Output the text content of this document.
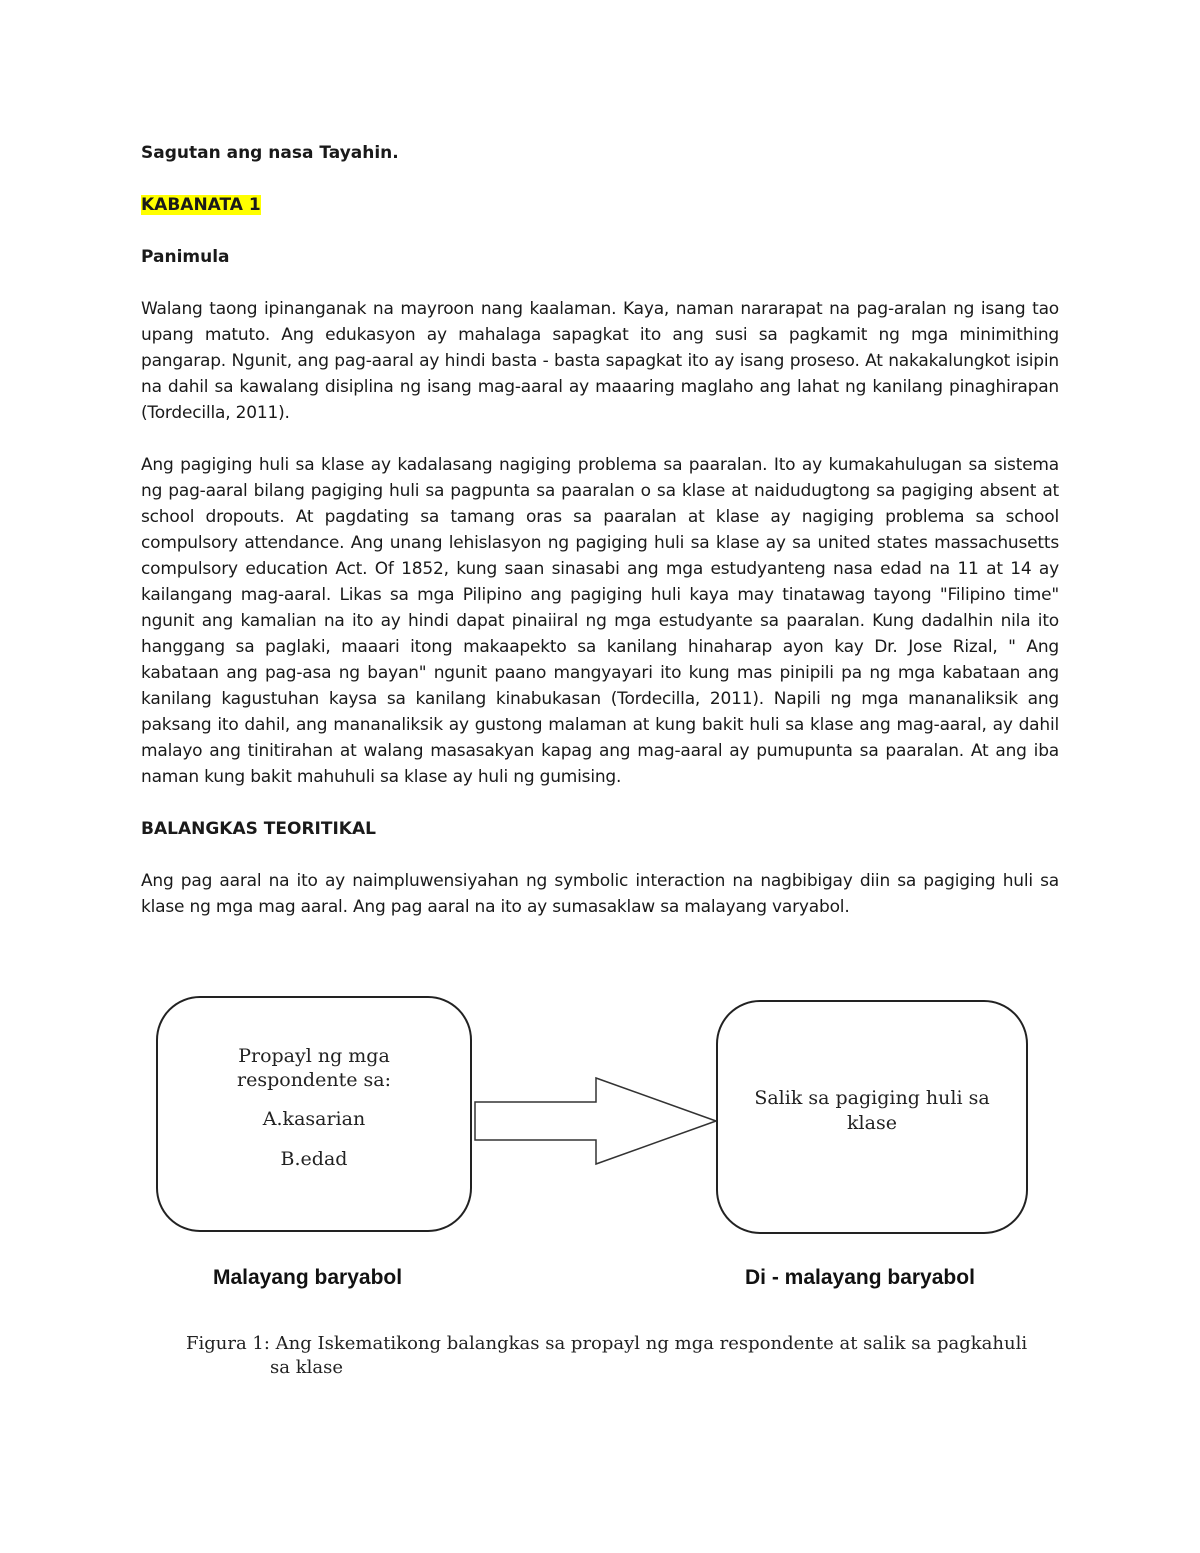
Sagutan ang nasa Tayahin.

KABANATA 1

Panimula

Walang taong ipinanganak na mayroon nang kaalaman. Kaya, naman nararapat na pag-aralan ng isang tao upang matuto. Ang edukasyon ay mahalaga sapagkat ito ang susi sa pagkamit ng mga minimithing pangarap. Ngunit, ang pag-aaral ay hindi basta - basta sapagkat ito ay isang proseso. At nakakalungkot isipin na dahil sa kawalang disiplina ng isang mag-aaral ay maaaring maglaho ang lahat ng kanilang pinaghirapan (Tordecilla, 2011).

Ang pagiging huli sa klase ay kadalasang nagiging problema sa paaralan. Ito ay kumakahulugan sa sistema ng pag-aaral bilang pagiging huli sa pagpunta sa paaralan o sa klase at naidudugtong sa pagiging absent at school dropouts. At pagdating sa tamang oras sa paaralan at klase ay nagiging problema sa school compulsory attendance. Ang unang lehislasyon ng pagiging huli sa klase ay sa united states massachusetts compulsory education Act. Of 1852, kung saan sinasabi ang mga estudyanteng nasa edad na 11 at 14 ay kailangang mag-aaral. Likas sa mga Pilipino ang pagiging huli kaya may tinatawag tayong "Filipino time" ngunit ang kamalian na ito ay hindi dapat pinaiiral ng mga estudyante sa paaralan. Kung dadalhin nila ito hanggang sa paglaki, maaari itong makaapekto sa kanilang hinaharap ayon kay Dr. Jose Rizal, " Ang kabataan ang pag-asa ng bayan" ngunit paano mangyayari ito kung mas pinipili pa ng mga kabataan ang kanilang kagustuhan kaysa sa kanilang kinabukasan (Tordecilla, 2011). Napili ng mga mananaliksik ang paksang ito dahil, ang mananaliksik ay gustong malaman at kung bakit huli sa klase ang mag-aaral, ay dahil malayo ang tinitirahan at walang masasakyan kapag ang mag-aaral ay pumupunta sa paaralan. At ang iba naman kung bakit mahuhuli sa klase ay huli ng gumising.

BALANGKAS TEORITIKAL

Ang pag aaral na ito ay naimpluwensiyahan ng symbolic interaction na nagbibigay diin sa pagiging huli sa klase ng mga mag aaral. Ang pag aaral na ito ay sumasaklaw sa malayang varyabol.

Propayl ng mga
respondente sa:
A.kasarian
B.edad
Salik sa pagiging huli sa klase
Malayang baryabol	Di - malayang baryabol
Figura 1: Ang Iskematikong balangkas sa propayl ng mga respondente at salik sa pagkahuli
sa klase
